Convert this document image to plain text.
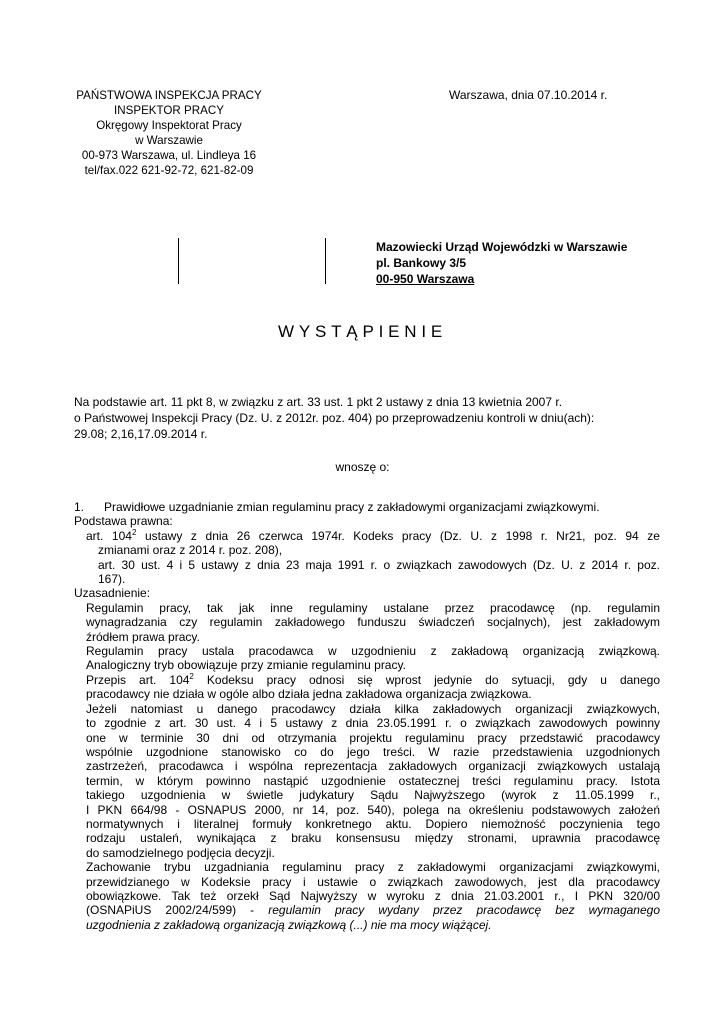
PAŃSTWOWA INSPEKCJA PRACY
INSPEKTOR PRACY
Okręgowy Inspektorat Pracy
w Warszawie
00-973 Warszawa, ul. Lindleya 16
tel/fax.022 621-92-72, 621-82-09
Warszawa, dnia 07.10.2014 r.
Mazowiecki Urząd Wojewódzki w Warszawie
pl. Bankowy 3/5
00-950 Warszawa
WYSTĄPIENIE
Na podstawie art. 11 pkt 8, w związku z art. 33 ust. 1 pkt 2 ustawy z dnia 13 kwietnia 2007 r.
o Państwowej Inspekcji Pracy (Dz. U. z 2012r. poz. 404) po przeprowadzeniu kontroli w dniu(ach):
29.08; 2,16,17.09.2014 r.
wnoszę o:
1. Prawidłowe uzgadnianie zmian regulaminu pracy z zakładowymi organizacjami związkowymi.
Podstawa prawna:
art. $104^2$ ustawy z dnia 26 czerwca 1974r. Kodeks pracy (Dz. U. z 1998 r. Nr21, poz. 94 ze
zmianami oraz z 2014 r. poz. 208),
art. 30 ust. 4 i 5 ustawy z dnia 23 maja 1991 r. o związkach zawodowych (Dz. U. z 2014 r. poz.
167).
Uzasadnienie:
Regulamin pracy, tak jak inne regulaminy ustalane przez pracodawcę (np. regulamin
wynagradzania czy regulamin zakładowego funduszu świadczeń socjalnych), jest zakładowym
źródłem prawa pracy.
Regulamin pracy ustala pracodawca w uzgodnieniu z zakładową organizacją związkową.
Analogiczny tryb obowiązuje przy zmianie regulaminu pracy.
Przepis art. $104^2$ Kodeksu pracy odnosi się wprost jedynie do sytuacji, gdy u danego
pracodawcy nie działa w ogóle albo działa jedna zakładowa organizacja związkowa.
Jeżeli natomiast u danego pracodawcy działa kilka zakładowych organizacji związkowych,
to zgodnie z art. 30 ust. 4 i 5 ustawy z dnia 23.05.1991 r. o związkach zawodowych powinny
one w terminie 30 dni od otrzymania projektu regulaminu pracy przedstawić pracodawcy
wspólnie uzgodnione stanowisko co do jego treści. W razie przedstawienia uzgodnionych
zastrzeżeń, pracodawca i wspólna reprezentacja zakładowych organizacji związkowych ustalają
termin, w którym powinno nastąpić uzgodnienie ostatecznej treści regulaminu pracy. Istota
takiego uzgodnienia w świetle judykatury Sądu Najwyższego (wyrok z 11.05.1999 r.,
I PKN 664/98 - OSNAPUS 2000, nr 14, poz. 540), polega na określeniu podstawowych założeń
normatywnych i literalnej formuły konkretnego aktu. Dopiero niemożność poczynienia tego
rodzaju ustaleń, wynikająca z braku konsensusu między stronami, uprawnia pracodawcę
do samodzielnego podjęcia decyzji.
Zachowanie trybu uzgadniania regulaminu pracy z zakładowymi organizacjami związkowymi,
przewidzianego w Kodeksie pracy i ustawie o związkach zawodowych, jest dla pracodawcy
obowiązkowe. Tak też orzekł Sąd Najwyższy w wyroku z dnia 21.03.2001 r., I PKN 320/00
(OSNAPiUS 2002/24/599) - regulamin pracy wydany przez pracodawcę bez wymaganego
uzgodnienia z zakładową organizacją związkową (...) nie ma mocy wiążącej.
